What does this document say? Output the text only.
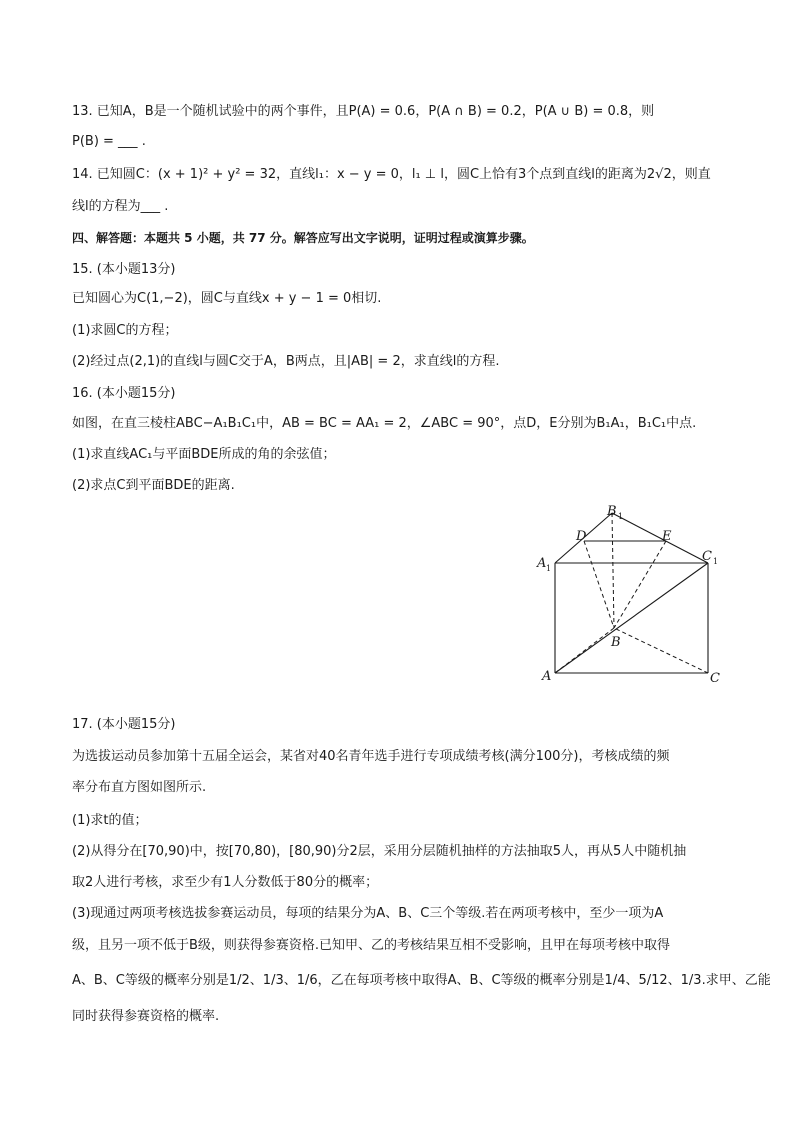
13. 已知A，B是一个随机试验中的两个事件，且P(A) = 0.6，P(A ∩ B) = 0.2，P(A ∪ B) = 0.8，则
P(B) = ___ .
14. 已知圆C：(x + 1)² + y² = 32，直线l₁：x − y = 0，l₁ ⊥ l，圆C上恰有3个点到直线l的距离为2√2，则直
线l的方程为___ .
四、解答题：本题共 5 小题，共 77 分。解答应写出文字说明，证明过程或演算步骤。
15. (本小题13分)
已知圆心为C(1,−2)，圆C与直线x + y − 1 = 0相切.
(1)求圆C的方程；
(2)经过点(2,1)的直线l与圆C交于A，B两点，且|AB| = 2，求直线l的方程.
16. (本小题15分)
如图，在直三棱柱ABC−A₁B₁C₁中，AB = BC = AA₁ = 2，∠ABC = 90°，点D，E分别为B₁A₁，B₁C₁中点.
(1)求直线AC₁与平面BDE所成的角的余弦值；
(2)求点C到平面BDE的距离.
B 1
D	E
A 1
C 1
B
A	C
17. (本小题15分)
为选拔运动员参加第十五届全运会，某省对40名青年选手进行专项成绩考核(满分100分)，考核成绩的频
率分布直方图如图所示.
(1)求t的值；
(2)从得分在[70,90)中，按[70,80)，[80,90)分2层，采用分层随机抽样的方法抽取5人，再从5人中随机抽
取2人进行考核，求至少有1人分数低于80分的概率；
(3)现通过两项考核选拔参赛运动员，每项的结果分为A、B、C三个等级.若在两项考核中，至少一项为A
级，且另一项不低于B级，则获得参赛资格.已知甲、乙的考核结果互相不受影响，且甲在每项考核中取得
A、B、C等级的概率分别是1/2、1/3、1/6，乙在每项考核中取得A、B、C等级的概率分别是1/4、5/12、1/3.求甲、乙能
同时获得参赛资格的概率.
